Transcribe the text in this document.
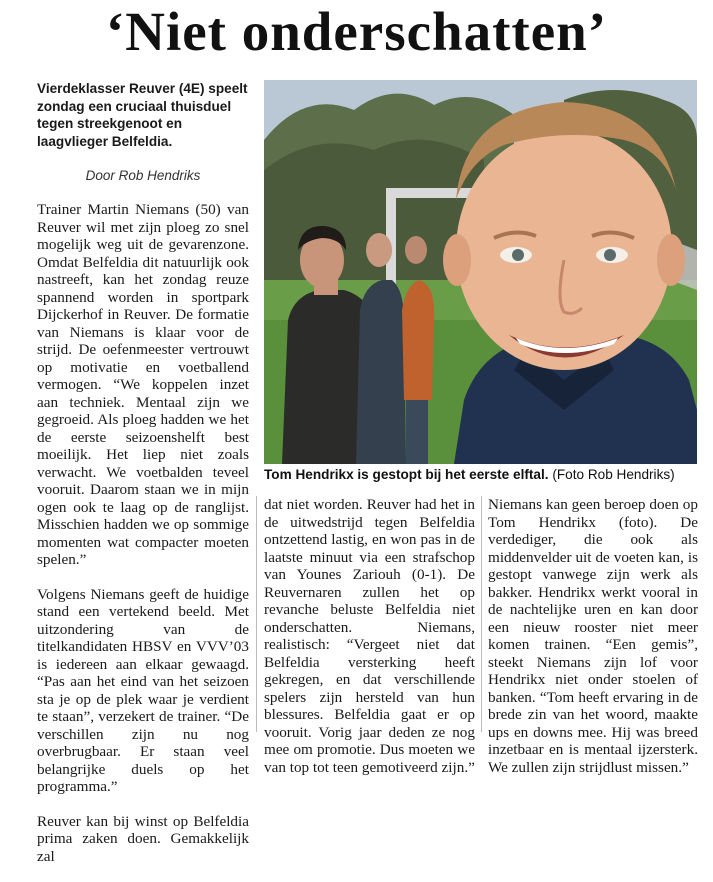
‘Niet onderschatten’

Vierdeklasser Reuver (4E) speelt zondag een cruciaal thuisduel tegen streekgenoot en laagvlieger Belfeldia.

Door Rob Hendriks

Trainer Martin Niemans (50) van Reuver wil met zijn ploeg zo snel mogelijk weg uit de gevarenzone. Omdat Belfeldia dit natuurlijk ook nastreeft, kan het zondag reuze spannend worden in sportpark Dijckerhof in Reuver. De formatie van Niemans is klaar voor de strijd. De oefenmeester vertrouwt op motivatie en voetballend vermogen. “We koppelen inzet aan techniek. Mentaal zijn we gegroeid. Als ploeg hadden we het de eerste seizoenshelft best moeilijk. Het liep niet zoals verwacht. We voetbalden teveel vooruit. Daarom staan we in mijn ogen ook te laag op de ranglijst. Misschien hadden we op sommige momenten wat compacter moeten spelen.”

Volgens Niemans geeft de huidige stand een vertekend beeld. Met uitzondering van de titelkandidaten HBSV en VVV’03 is iedereen aan elkaar gewaagd. “Pas aan het eind van het seizoen sta je op de plek waar je verdient te staan”, verzekert de trainer. “De verschillen zijn nu nog overbrugbaar. Er staan veel belangrijke duels op het programma.”

Reuver kan bij winst op Belfeldia prima zaken doen. Gemakkelijk zal

Tom Hendrikx is gestopt bij het eerste elftal. (Foto Rob Hendriks)

dat niet worden. Reuver had het in de uitwedstrijd tegen Belfeldia ontzettend lastig, en won pas in de laatste minuut via een strafschop van Younes Zariouh (0-1). De Reuvernaren zullen het op revanche beluste Belfeldia niet onderschatten. Niemans, realistisch: “Vergeet niet dat Belfeldia versterking heeft gekregen, en dat verschillende spelers zijn hersteld van hun blessures. Belfeldia gaat er op vooruit. Vorig jaar deden ze nog mee om promotie. Dus moeten we van top tot teen gemotiveerd zijn.”

Niemans kan geen beroep doen op Tom Hendrikx (foto). De verdediger, die ook als middenvelder uit de voeten kan, is gestopt vanwege zijn werk als bakker. Hendrikx werkt vooral in de nachtelijke uren en kan door een nieuw rooster niet meer komen trainen. “Een gemis”, steekt Niemans zijn lof voor Hendrikx niet onder stoelen of banken. “Tom heeft ervaring in de brede zin van het woord, maakte ups en downs mee. Hij was breed inzetbaar en is mentaal ijzersterk. We zullen zijn strijdlust missen.”
